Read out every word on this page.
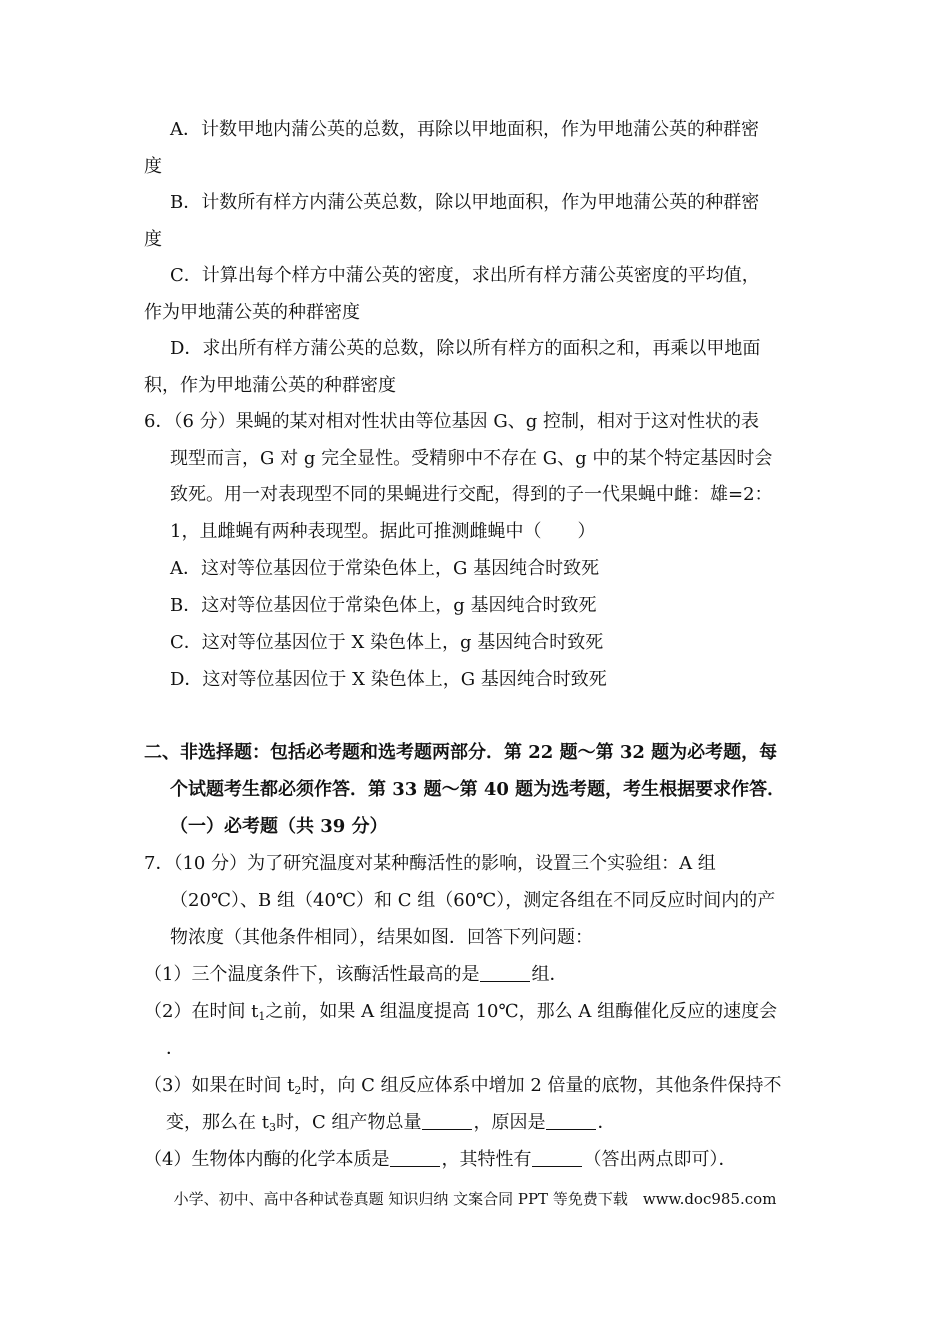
A．计数甲地内蒲公英的总数，再除以甲地面积，作为甲地蒲公英的种群密
度
B．计数所有样方内蒲公英总数，除以甲地面积，作为甲地蒲公英的种群密
度
C．计算出每个样方中蒲公英的密度，求出所有样方蒲公英密度的平均值，
作为甲地蒲公英的种群密度
D．求出所有样方蒲公英的总数，除以所有样方的面积之和，再乘以甲地面
积，作为甲地蒲公英的种群密度
6．（6 分）果蝇的某对相对性状由等位基因 G、g 控制，相对于这对性状的表
现型而言，G 对 g 完全显性。受精卵中不存在 G、g 中的某个特定基因时会
致死。用一对表现型不同的果蝇进行交配，得到的子一代果蝇中雌：雄=2：
1，且雌蝇有两种表现型。据此可推测雌蝇中（　　）
A．这对等位基因位于常染色体上，G 基因纯合时致死
B．这对等位基因位于常染色体上，g 基因纯合时致死
C．这对等位基因位于 X 染色体上，g 基因纯合时致死
D．这对等位基因位于 X 染色体上，G 基因纯合时致死
二、非选择题：包括必考题和选考题两部分．第 22 题～第 32 题为必考题，每
个试题考生都必须作答．第 33 题～第 40 题为选考题，考生根据要求作答．
（一）必考题（共 39 分）
7．（10 分）为了研究温度对某种酶活性的影响，设置三个实验组：A 组
（20℃）、B 组（40℃）和 C 组（60℃），测定各组在不同反应时间内的产
物浓度（其他条件相同），结果如图．回答下列问题：
（1）三个温度条件下，该酶活性最高的是	组．
（2）在时间 $t_1$之前，如果 A 组温度提高 10℃，那么 A 组酶催化反应的速度会
．
（3）如果在时间 $t_2$时，向 C 组反应体系中增加 2 倍量的底物，其他条件保持不
变，那么在 $t_3$时，C 组产物总量	，原因是	．
（4）生物体内酶的化学本质是	，其特性有	（答出两点即可）．
小学、初中、高中各种试卷真题 知识归纳 文案合同 PPT 等免费下载　www.doc985.com
